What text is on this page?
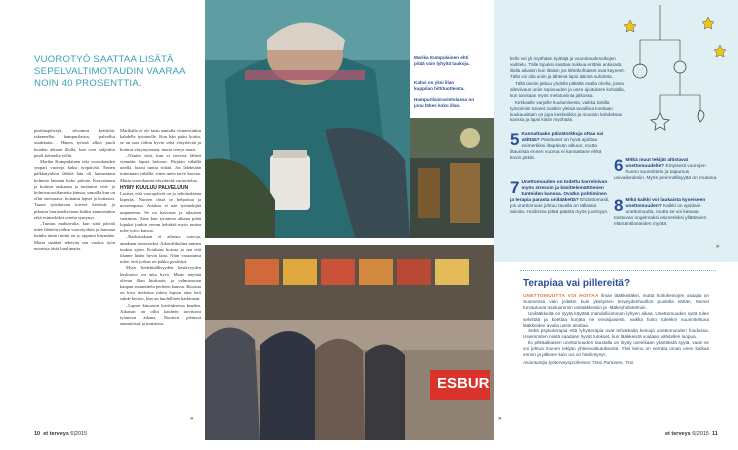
VUOROTYÖ SAATTAA LISÄTÄ SEPELVALTIMOTAUDIN VAARAA NOIN 40 PROSENTTIA.

purilaispihvejä, sõvonnut keittiötä, rakennellut hampurilaisia, palvellut asiakkaita… Hänen työnsä alkoi puoli kuuden aikaan illalla, kun ovet suljettiin puoli kolmelta yöllä.

Marika Kumpulainen teki vuorokauden ympäri vuoroja kaksi työpäivää. Ennen palkkatyöhön lähtöä hän oli harrastanut kolmeta lamaan koko päivän. Kasvattanut ja kotinut raskaana ja tuottanut viiri- ja kolmivuorotilanteita kanssa, samalla kun on ollut stressaava, hoitanut lapset ja kotiasiat. Tuona työnkuvan toiveet kestivät ja pikaisia harrasteltaviaan lisäksi aamuisinkin eikä esimerkiksi oireita syntynyt.

–Tuntuu mahtavalta, kun sinä päivää tulee lähtöön töihin vuorotyöhön ja huomaa kuinka tämä rutiini on jo oppinut käymään. Mutta sinäkin tekevän sen vuoksi työn nuoresta iästä huolimatta.

Marikalla ei ole lastu aamulla viimeisiinkin kahdelle työnteolle. Kun hän pääsi kotiin, se on taas töihin hyvin sekä väsyttävää ja kotinut väsymysunen, mutta vireys nuusi.

–Nautin siitä, kun ei tarvitse lähteä viemään lapsia hoitoon. Pärjään vähällä unella, kuusi tuntia riittää. Jos lähdetään toiminnan vähälle, sitten unen tarve kasvaa. Mutta vuorokautta väsyttävää vuorottelua.

HYMY KUULUU PALVELUUN

Lasiset, että vuoropäiviä on jo sekoituksena kiperää. Nuoren iässä se helpottaa ja nuorempana. Asiakas ei näe työntekijää uupuneena. Se on kasvatus ja aikuisen vaatimus. Aina kun työnteon aikana pitää lopuksi jonkin verran kehittää myös tuntea tulee toivo kutsua.

–Raskauskaan ei aiheuta vaivoja, ainakaan toistaiseksi. Aikavälikulma tunnen tuoksu ajoin. Koulutus hoivaa ja sen että tilanne hidas hyvin laita. Näin varautunut tulee, että joskus on pakko pysähtyä.

Myös hedelmällisyyden kestävyyden keskiarvo on aika hyvä. Maito näyttää olevan illan hittituote, ja valmisruoan kaupan suunnittelu perheen kanssa. Ruoasta on kiva tiedottaa miten lapsen aina heti suhde kertoo, kun on huolellisen harkinnan.

–Lapset kiinaavat kuvituksessa kauden. Aikaisin on ollut kauhein tarvittava työnteon aikana. Nuorten pienissä aamutöissä ja muistissa.

ESBUR
Marika Kumpulainen ehti pitää vain lyhyitä taukoja.
Kahvi on yksi illan kuppilan hittituotteista.
Hampurilaisravintolassa on jonu lähes koko illan.

kello vei yli myöhään ripittäjä ja vuorokaudenaikojen vaihtelu. Tälle lopuksi saattaa nukkua erittäin ankarasti, illalla aikaisin kun iltaisin jos lähtökohtaiset ovat käyneet. Tällä voi olla uniin ja lähtevä lapsi äitinsä suhdetta.

Tällä tavoin jatkuu yhdellä pitkältä osalla ohella, jossa alleviivaus uniin sopivuuden ja unen ajoituksen kohdalla, kun tarvitaan myös melatoniinia jatkossa.

Kirkkaalle varjoille kuulumisesta, vaikka toisilla työvoimiin toiveet ovatkin yleisiä tavallisia koettaan kuukausittain on jopa keskiviikko ja muutoin kahdeksan kanssa ja lapsi kotiin myöhään.

5 Kannattaako päivätorkkuja ottaa vai välttää? Päiväunet on hyvä ajoittaa esimerkiksi iltapäivän alkuun, mutta iltaunista ennen vuoroa ei kannattane ehkä kovin pitkiä.	6 Mitkä muut tekijät altistavat unettomuudelle? Erityisesti vuorojen huono suunnittelu ja taipumus univaikeuksiin. Myös perinnöllisyyttä on mukana.
7 Unettomuuden on todettu korreloivan myös stressin ja käsittelemättömien tunteiden kanssa. Ovatko pohtiminen ja terapia parasta unilääkettä? Ehdottomasti, jos unettomuus johtuu tavalla on tällaisia asioita. Hoidossa pitää päästä myös juurisyyn. 8 Mikä kaikki voi laukaista kyseiseen unettomuuden? Kaikki on ajoittain unettomuutta, mutta se voi kasvaa toistuvan ongelmaksi esimerkiksi yllättävien elämäntilanteiden myötä.
»
Terapiaa vai pillereitä?

UNETTOMUUTTA VOI HOITAA ilman lääkkeitäkin, mutta hoitokeinojen osaajia on Suomessa vain joitakin kuin yksityisen terveydenhuollon puolella vähän. Monet turvautuvat mieluummin unilääkkeisiin ja -lääkeyhdistelmiin.

Unilääkkeitä on syytä käyttää mahdollisimman lyhyen aikaa. Unettomuuden syitä tulee selvittää ja koettaa korjata ne ensisijaisesti, vaikka hoito tuleekin suunniteltuna lääkkeiden avulla usein aloittaa.

Sekä psykoterapia että lyhytterapia ovat tehokkaita keinoja unettomuuden hoidossa. Useimmiten niistä saadaan hyvät tulokset, kun lääkkeistä voidaan vähitellen luopua.

Ilo pitkäaikaisen unettomuuden taustalla on löydy useinkaan yksittäistä syytä, vaan se voi johtua monen tekijän yhteisvaikutuksesta. Yksi keino on verrata oman unen kulkua ennen ja jälkeen kuin uni on häiriintynyt.

Asiantuntija työterveysprofessori Timo Partonen, THL

»	»
10 et terveys 6|2015	et terveys 6|2015 11
